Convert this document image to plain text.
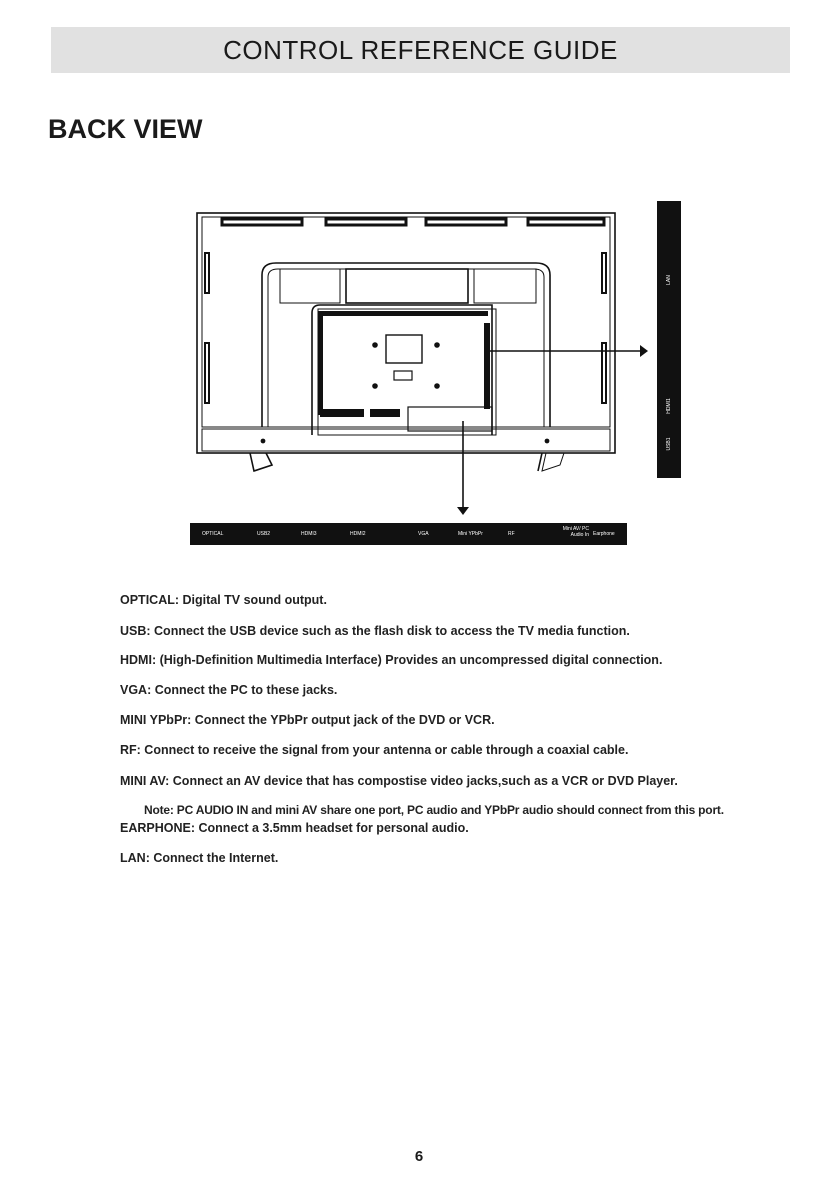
CONTROL REFERENCE GUIDE
BACK VIEW
OPTICAL	USB2	HDMI3	HDMI2	VGA	Mini YPbPr	RF
Mini AV/ PC Audio In Earphone
LAN
HDMI1
USB1

OPTICAL: Digital TV sound output.

USB: Connect the USB device such as the flash disk to access the TV media function.

HDMI: (High-Definition Multimedia Interface) Provides an uncompressed digital connection.

VGA: Connect the PC to these jacks.

MINI YPbPr: Connect the YPbPr output jack of the DVD or VCR.

RF: Connect to receive the signal from your antenna or cable through a coaxial cable.

MINI AV: Connect an AV device that has compostise video jacks,such as a VCR or DVD Player.

Note: PC AUDIO IN and mini AV share one port, PC audio and YPbPr audio should connect from this port.

EARPHONE: Connect a 3.5mm headset for personal audio.

LAN: Connect the Internet.

6
